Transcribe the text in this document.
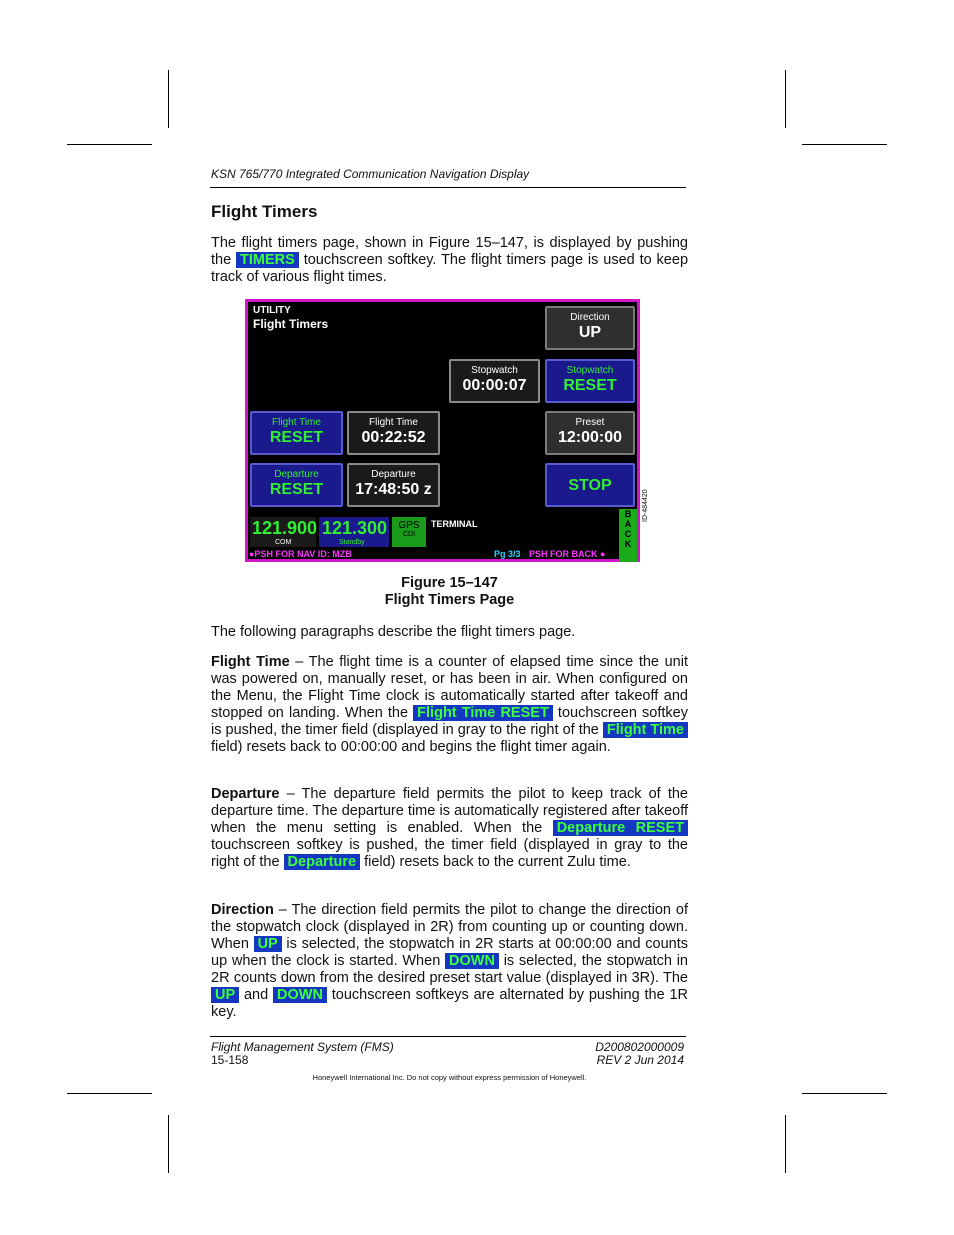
KSN 765/770 Integrated Communication Navigation Display
Flight Timers
The flight timers page, shown in Figure 15–147, is displayed by pushing the TIMERS touchscreen softkey. The flight timers page is used to keep track of various flight times.
UTILITY
Flight Timers	Direction
UP
Stopwatch
00:00:07
Stopwatch
RESET
Flight Time
RESET
Flight Time
00:22:52
Preset
12:00:00
Departure
RESET
Departure
17:48:50 z	STOP
121.900
COM
121.300
Standby
GPS
CDI
TERMINAL
B
A
C
K
●PSH FOR NAV ID: MZB	Pg 3/3 PSH FOR BACK ●
ID-484420
Figure 15–147
Flight Timers Page
The following paragraphs describe the flight timers page.
Flight Time – The flight time is a counter of elapsed time since the unit was powered on, manually reset, or has been in air. When configured on the Menu, the Flight Time clock is automatically started after takeoff and stopped on landing. When the Flight Time RESET touchscreen softkey is pushed, the timer field (displayed in gray to the right of the Flight Time field) resets back to 00:00:00 and begins the flight timer again.
Departure – The departure field permits the pilot to keep track of the departure time. The departure time is automatically registered after takeoff when the menu setting is enabled. When the Departure RESET touchscreen softkey is pushed, the timer field (displayed in gray to the right of the Departure field) resets back to the current Zulu time.
Direction – The direction field permits the pilot to change the direction of the stopwatch clock (displayed in 2R) from counting up or counting down. When UP is selected, the stopwatch in 2R starts at 00:00:00 and counts up when the clock is started. When DOWN is selected, the stopwatch in 2R counts down from the desired preset start value (displayed in 3R). The UP and DOWN touchscreen softkeys are alternated by pushing the 1R key.
Flight Management System (FMS)
15-158
D200802000009
REV 2 Jun 2014
Honeywell International Inc. Do not copy without express permission of Honeywell.
